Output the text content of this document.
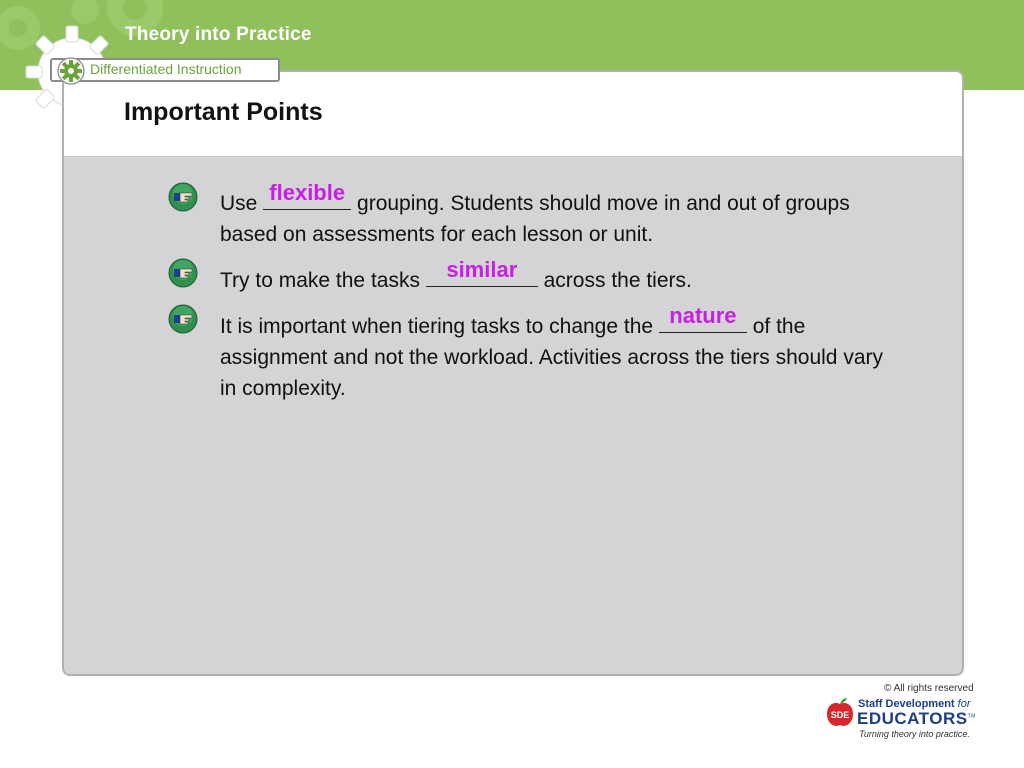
Theory into Practice
Differentiated Instruction
Important Points
Use flexible grouping. Students should move in and out of groups based on assessments for each lesson or unit.
Try to make the tasks similar across the tiers.
It is important when tiering tasks to change the nature of the assignment and not the workload. Activities across the tiers should vary in complexity.
© All rights reserved
SDE
Staff Development for
EDUCATORS™
Turning theory into practice.
